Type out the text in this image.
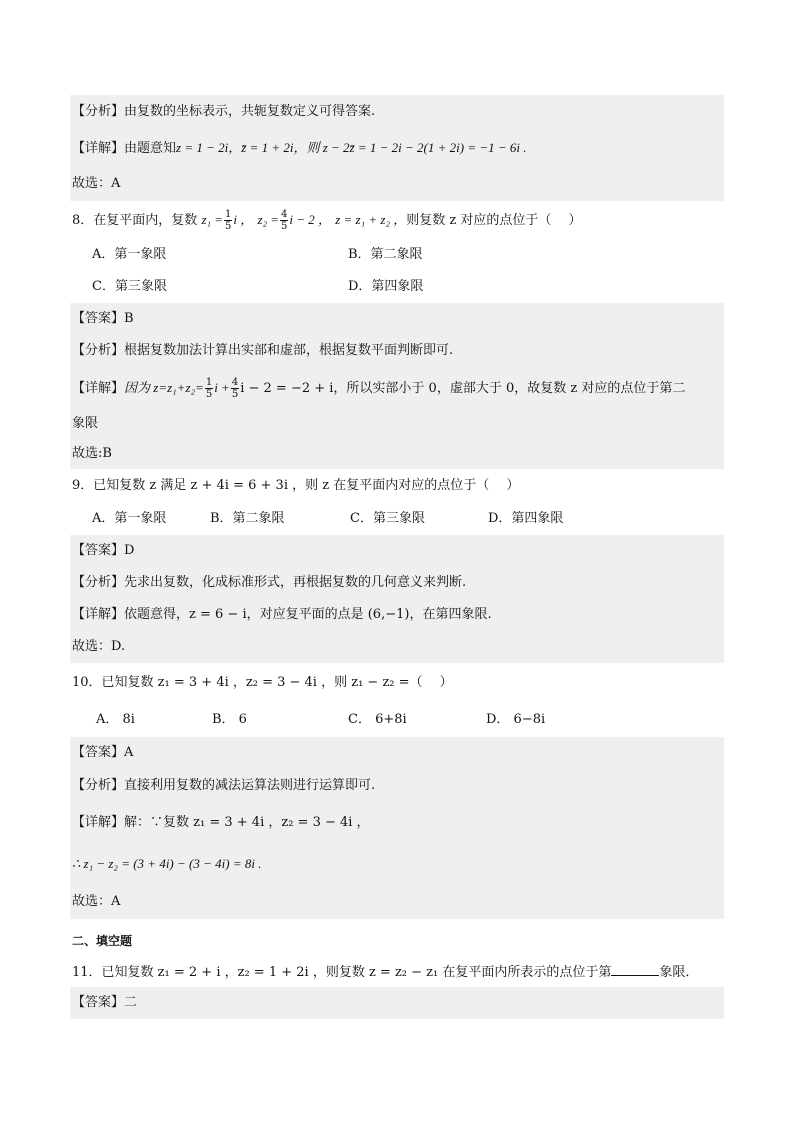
【分析】由复数的坐标表示，共轭复数定义可得答案.
【详解】由题意知z = 1 − 2i，z̄ = 1 + 2i，则 z − 2z̄ = 1 − 2i − 2(1 + 2i) = −1 − 6i .
故选：A
8．在复平面内，复数 $z_1 = \frac{1}{5}$ i ， $z_2 = \frac{4}{5}$ i − 2 ， z = z₁ + z₂ ，则复数 z 对应的点位于（　 ）
A．第一象限	B．第二象限
C．第三象限	D．第四象限
【答案】B
【分析】根据复数加法计算出实部和虚部，根据复数平面判断即可.
【详解】因为 $z=z_1+z_2= \frac{1}{5}$ $i + \frac{4}{5}$ i − 2 = −2 + i，所以实部小于 0，虚部大于 0，故复数 z 对应的点位于第二
象限
故选:B
9．已知复数 z 满足 z + 4i = 6 + 3i ，则 z 在复平面内对应的点位于（　 ）
A．第一象限	B．第二象限	C．第三象限	D．第四象限
【答案】D
【分析】先求出复数，化成标准形式，再根据复数的几何意义来判断.
【详解】依题意得，z = 6 − i，对应复平面的点是 (6,−1)，在第四象限.
故选：D.
10．已知复数 z₁ = 3 + 4i ，z₂ = 3 − 4i ，则 z₁ − z₂ =（　 ）
A． 8i	B． 6	C． 6+8i	D． 6−8i
【答案】A
【分析】直接利用复数的减法运算法则进行运算即可.
【详解】解：∵复数 z₁ = 3 + 4i ，z₂ = 3 − 4i ，
∴ z₁ − z₂ = (3 + 4i) − (3 − 4i) = 8i .
故选：A
二、填空题
11．已知复数 z₁ = 2 + i ，z₂ = 1 + 2i ，则复数 z = z₂ − z₁ 在复平面内所表示的点位于第	象限．
【答案】二
